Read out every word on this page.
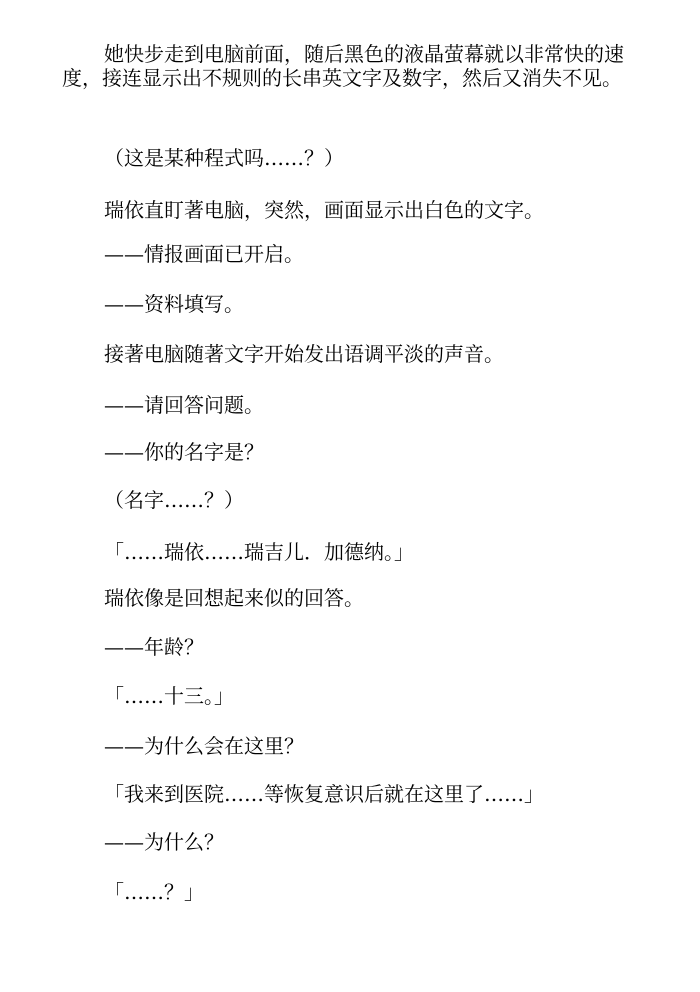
她快步走到电脑前面，随后黑色的液晶萤幕就以非常快的速度，接连显示出不规则的长串英文字及数字，然后又消失不见。

（这是某种程式吗……？）

瑞依直盯著电脑，突然，画面显示出白色的文字。

——情报画面已开启。

——资料填写。

接著电脑随著文字开始发出语调平淡的声音。

——请回答问题。

——你的名字是？

（名字……？）

「……瑞依……瑞吉儿．加德纳。」

瑞依像是回想起来似的回答。

——年龄？

「……十三。」

——为什么会在这里？

「我来到医院……等恢复意识后就在这里了……」

——为什么？

「……？」
